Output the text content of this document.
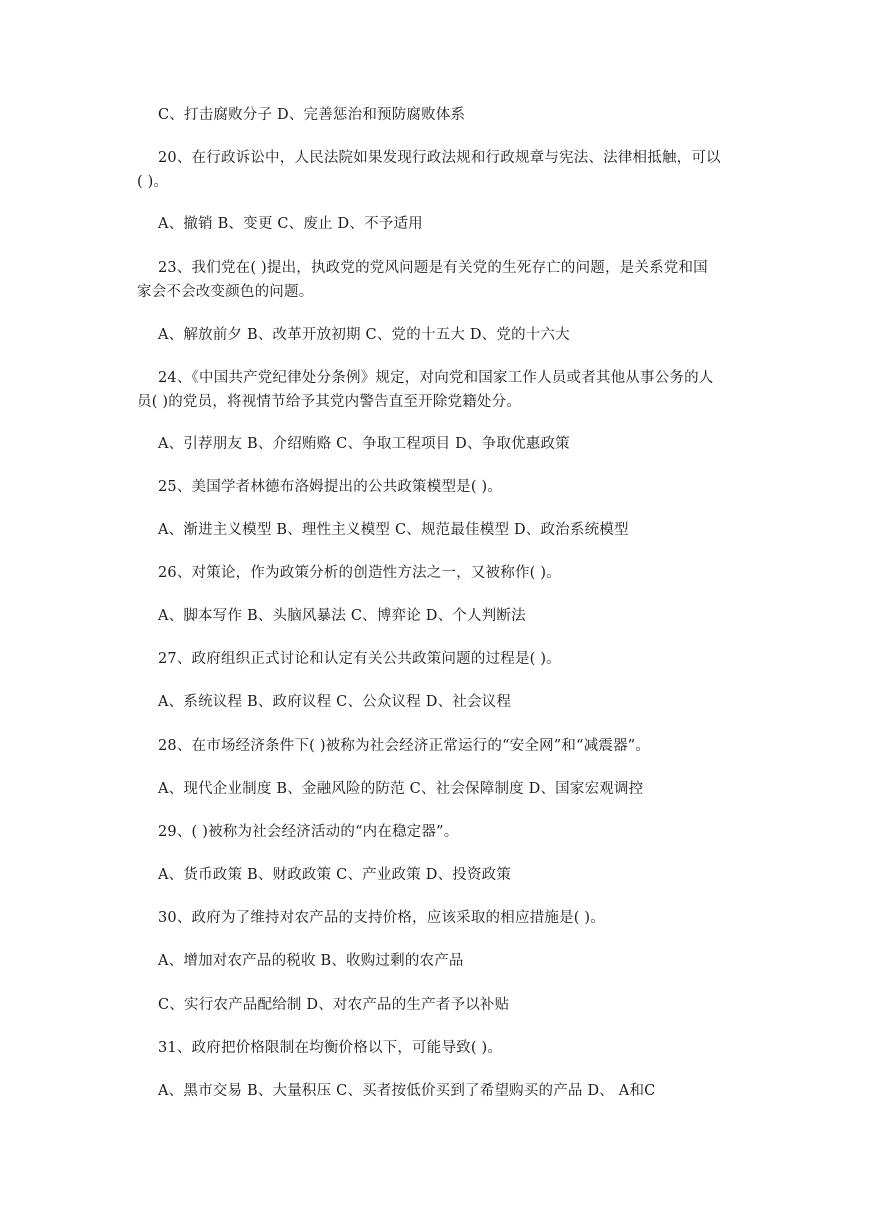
C、打击腐败分子 D、完善惩治和预防腐败体系
20、在行政诉讼中，人民法院如果发现行政法规和行政规章与宪法、法律相抵触，可以
( )。
A、撤销 B、变更 C、废止 D、不予适用
23、我们党在( )提出，执政党的党风问题是有关党的生死存亡的问题，是关系党和国
家会不会改变颜色的问题。
A、解放前夕 B、改革开放初期 C、党的十五大 D、党的十六大
24、《中国共产党纪律处分条例》规定，对向党和国家工作人员或者其他从事公务的人
员( )的党员，将视情节给予其党内警告直至开除党籍处分。
A、引荐朋友 B、介绍贿赂 C、争取工程项目 D、争取优惠政策
25、美国学者林德布洛姆提出的公共政策模型是( )。
A、渐进主义模型 B、理性主义模型 C、规范最佳模型 D、政治系统模型
26、对策论，作为政策分析的创造性方法之一，又被称作( )。
A、脚本写作 B、头脑风暴法 C、博弈论 D、个人判断法
27、政府组织正式讨论和认定有关公共政策问题的过程是( )。
A、系统议程 B、政府议程 C、公众议程 D、社会议程
28、在市场经济条件下( )被称为社会经济正常运行的“安全网”和“减震器”。
A、现代企业制度 B、金融风险的防范 C、社会保障制度 D、国家宏观调控
29、( )被称为社会经济活动的“内在稳定器”。
A、货币政策 B、财政政策 C、产业政策 D、投资政策
30、政府为了维持对农产品的支持价格，应该采取的相应措施是( )。
A、增加对农产品的税收 B、收购过剩的农产品
C、实行农产品配给制 D、对农产品的生产者予以补贴
31、政府把价格限制在均衡价格以下，可能导致( )。
A、黑市交易 B、大量积压 C、买者按低价买到了希望购买的产品 D、 A和C
